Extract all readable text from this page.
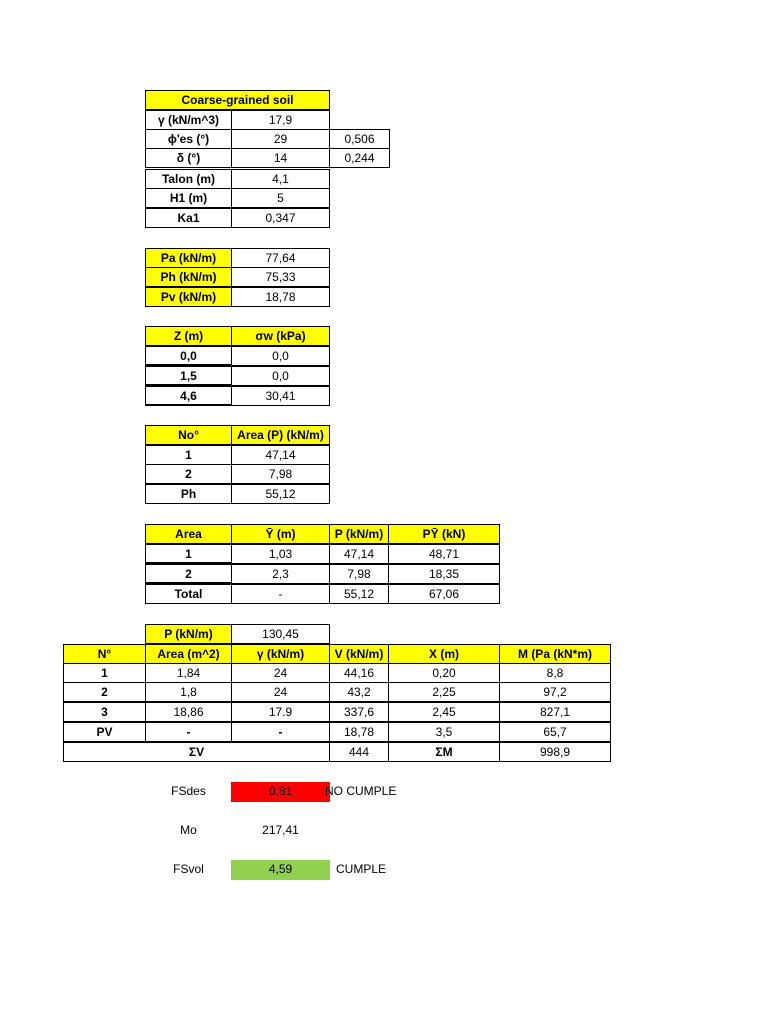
Coarse-grained soil
γ (kN/m^3)	17,9
ϕ'es (°)	29	0,506
δ (°)	14	0,244
Talon (m)	4,1
H1 (m)	5
Ka1	0,347
Pa (kN/m)	77,64
Ph (kN/m)	75,33
Pv (kN/m)	18,78
Z (m)	σw (kPa)
0,0	0,0
1,5	0,0
4,6	30,41
No°	Area (P) (kN/m)
1	47,14
2	7,98
Ph	55,12
Area	Ȳ (m)	P (kN/m)	PȲ (kN)
1	1,03	47,14	48,71
2	2,3	7,98	18,35
Total	-	55,12	67,06
P (kN/m)	130,45
N°	Area (m^2)	γ (kN/m)	V (kN/m)	X (m)	M (Pa (kN*m)
1	1,84	24	44,16	0,20	8,8
2	1,8	24	43,2	2,25	97,2
3	18,86	17.9	337,6	2,45	827,1
PV	-	-	18,78	3,5	65,7
ΣV	444	ΣM	998,9
FSdes	0,81	NO CUMPLE
Mo	217,41
FSvol	4,59	CUMPLE
